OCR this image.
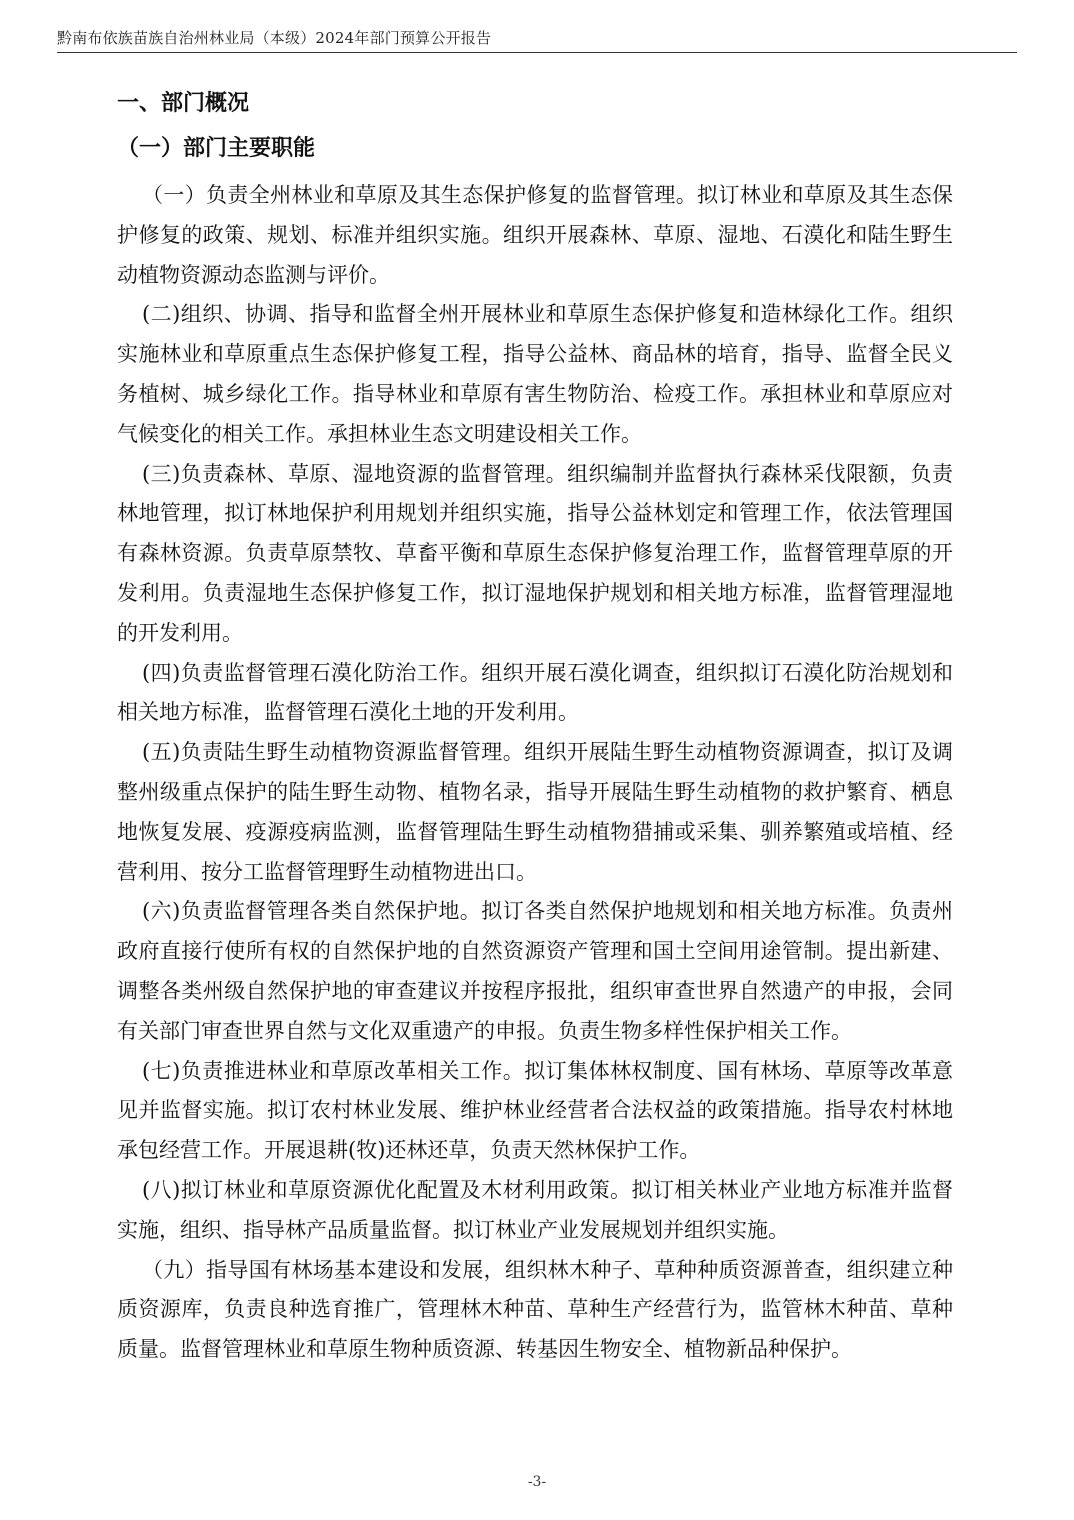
黔南布依族苗族自治州林业局（本级）2024年部门预算公开报告
一、部门概况
（一）部门主要职能

（一）负责全州林业和草原及其生态保护修复的监督管理。拟订林业和草原及其生态保护修复的政策、规划、标准并组织实施。组织开展森林、草原、湿地、石漠化和陆生野生动植物资源动态监测与评价。

(二)组织、协调、指导和监督全州开展林业和草原生态保护修复和造林绿化工作。组织实施林业和草原重点生态保护修复工程，指导公益林、商品林的培育，指导、监督全民义务植树、城乡绿化工作。指导林业和草原有害生物防治、检疫工作。承担林业和草原应对气候变化的相关工作。承担林业生态文明建设相关工作。

(三)负责森林、草原、湿地资源的监督管理。组织编制并监督执行森林采伐限额，负责林地管理，拟订林地保护利用规划并组织实施，指导公益林划定和管理工作，依法管理国有森林资源。负责草原禁牧、草畜平衡和草原生态保护修复治理工作，监督管理草原的开发利用。负责湿地生态保护修复工作，拟订湿地保护规划和相关地方标准，监督管理湿地的开发利用。

(四)负责监督管理石漠化防治工作。组织开展石漠化调查，组织拟订石漠化防治规划和相关地方标准，监督管理石漠化土地的开发利用。

(五)负责陆生野生动植物资源监督管理。组织开展陆生野生动植物资源调查，拟订及调整州级重点保护的陆生野生动物、植物名录，指导开展陆生野生动植物的救护繁育、栖息地恢复发展、疫源疫病监测，监督管理陆生野生动植物猎捕或采集、驯养繁殖或培植、经营利用、按分工监督管理野生动植物进出口。

(六)负责监督管理各类自然保护地。拟订各类自然保护地规划和相关地方标准。负责州政府直接行使所有权的自然保护地的自然资源资产管理和国土空间用途管制。提出新建、调整各类州级自然保护地的审查建议并按程序报批，组织审查世界自然遗产的申报，会同有关部门审查世界自然与文化双重遗产的申报。负责生物多样性保护相关工作。

(七)负责推进林业和草原改革相关工作。拟订集体林权制度、国有林场、草原等改革意见并监督实施。拟订农村林业发展、维护林业经营者合法权益的政策措施。指导农村林地承包经营工作。开展退耕(牧)还林还草，负责天然林保护工作。

(八)拟订林业和草原资源优化配置及木材利用政策。拟订相关林业产业地方标准并监督实施，组织、指导林产品质量监督。拟订林业产业发展规划并组织实施。

（九）指导国有林场基本建设和发展，组织林木种子、草种种质资源普查，组织建立种质资源库，负责良种选育推广，管理林木种苗、草种生产经营行为，监管林木种苗、草种质量。监督管理林业和草原生物种质资源、转基因生物安全、植物新品种保护。

-3-
